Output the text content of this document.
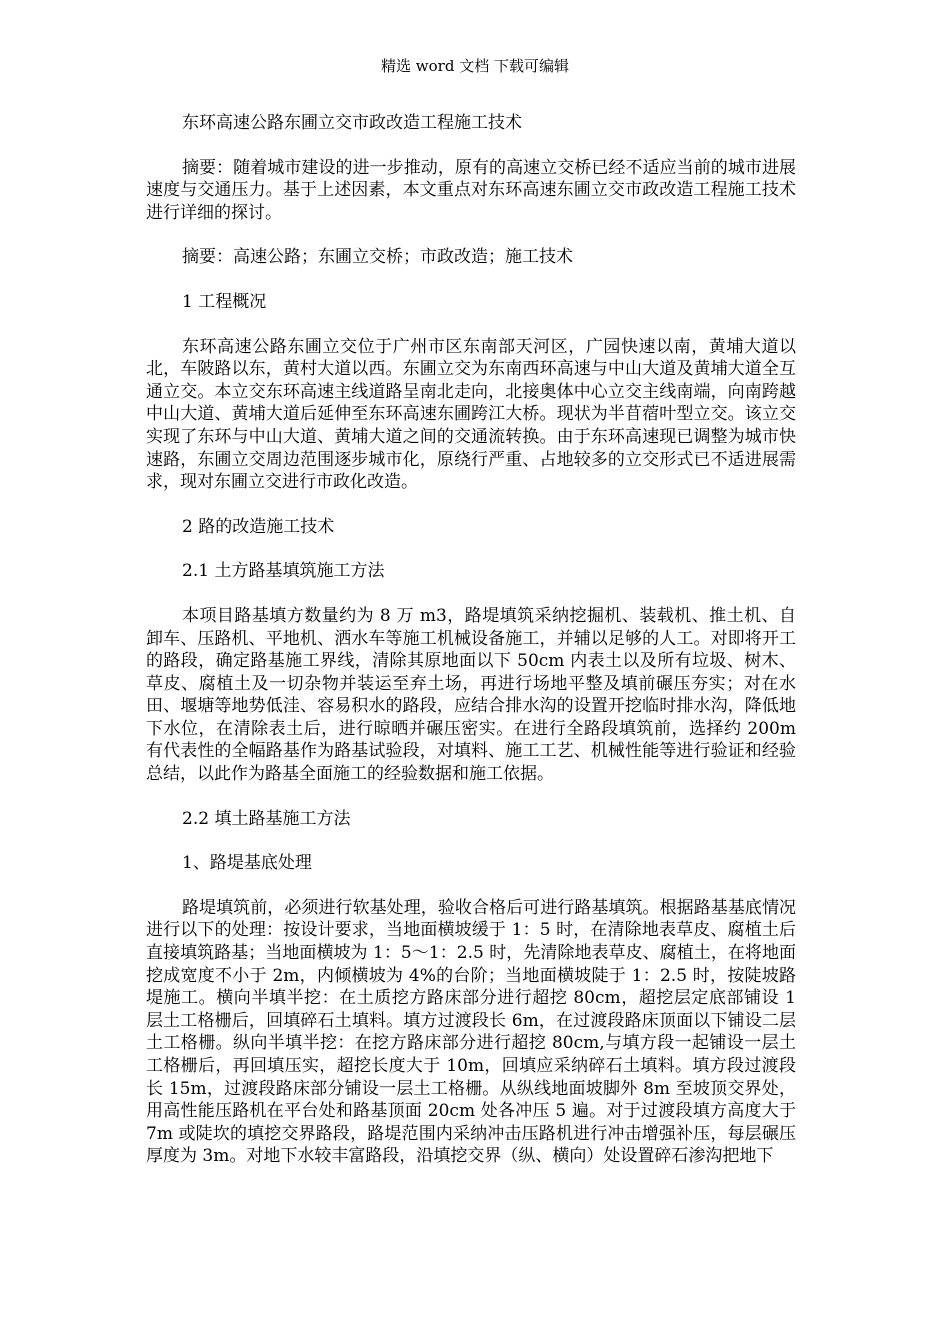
精选 word 文档 下载可编辑

东环高速公路东圃立交市政改造工程施工技术

摘要：随着城市建设的进一步推动，原有的高速立交桥已经不适应当前的城市进展速度与交通压力。基于上述因素，本文重点对东环高速东圃立交市政改造工程施工技术进行详细的探讨。

摘要：高速公路；东圃立交桥；市政改造；施工技术

1 工程概况

东环高速公路东圃立交位于广州市区东南部天河区，广园快速以南，黄埔大道以北，车陂路以东，黄村大道以西。东圃立交为东南西环高速与中山大道及黄埔大道全互通立交。本立交东环高速主线道路呈南北走向，北接奥体中心立交主线南端，向南跨越中山大道、黄埔大道后延伸至东环高速东圃跨江大桥。现状为半苜蓿叶型立交。该立交实现了东环与中山大道、黄埔大道之间的交通流转换。由于东环高速现已调整为城市快速路，东圃立交周边范围逐步城市化，原绕行严重、占地较多的立交形式已不适进展需求，现对东圃立交进行市政化改造。

2 路的改造施工技术

2.1 土方路基填筑施工方法

本项目路基填方数量约为 8 万 m3，路堤填筑采纳挖掘机、装载机、推土机、自卸车、压路机、平地机、洒水车等施工机械设备施工，并辅以足够的人工。对即将开工的路段，确定路基施工界线，清除其原地面以下 50cm 内表土以及所有垃圾、树木、草皮、腐植土及一切杂物并装运至弃土场，再进行场地平整及填前碾压夯实；对在水田、堰塘等地势低洼、容易积水的路段，应结合排水沟的设置开挖临时排水沟，降低地下水位，在清除表土后，进行晾晒并碾压密实。在进行全路段填筑前，选择约 200m 有代表性的全幅路基作为路基试验段，对填料、施工工艺、机械性能等进行验证和经验总结，以此作为路基全面施工的经验数据和施工依据。

2.2 填土路基施工方法

1、路堤基底处理

路堤填筑前，必须进行软基处理，验收合格后可进行路基填筑。根据路基基底情况进行以下的处理：按设计要求，当地面横坡缓于 1：5 时，在清除地表草皮、腐植土后直接填筑路基；当地面横坡为 1：5～1：2.5 时，先清除地表草皮、腐植土，在将地面挖成宽度不小于 2m，内倾横坡为 4%的台阶；当地面横坡陡于 1：2.5 时，按陡坡路堤施工。横向半填半挖：在土质挖方路床部分进行超挖 80cm，超挖层定底部铺设 1 层土工格栅后，回填碎石土填料。填方过渡段长 6m，在过渡段路床顶面以下铺设二层土工格栅。纵向半填半挖：在挖方路床部分进行超挖 80cm,与填方段一起铺设一层土工格栅后，再回填压实，超挖长度大于 10m，回填应采纳碎石土填料。填方段过渡段长 15m，过渡段路床部分铺设一层土工格栅。从纵线地面坡脚外 8m 至坡顶交界处，用高性能压路机在平台处和路基顶面 20cm 处各冲压 5 遍。对于过渡段填方高度大于 7m 或陡坎的填挖交界路段，路堤范围内采纳冲击压路机进行冲击增强补压，每层碾压厚度为 3m。对地下水较丰富路段，沿填挖交界（纵、横向）处设置碎石渗沟把地下
